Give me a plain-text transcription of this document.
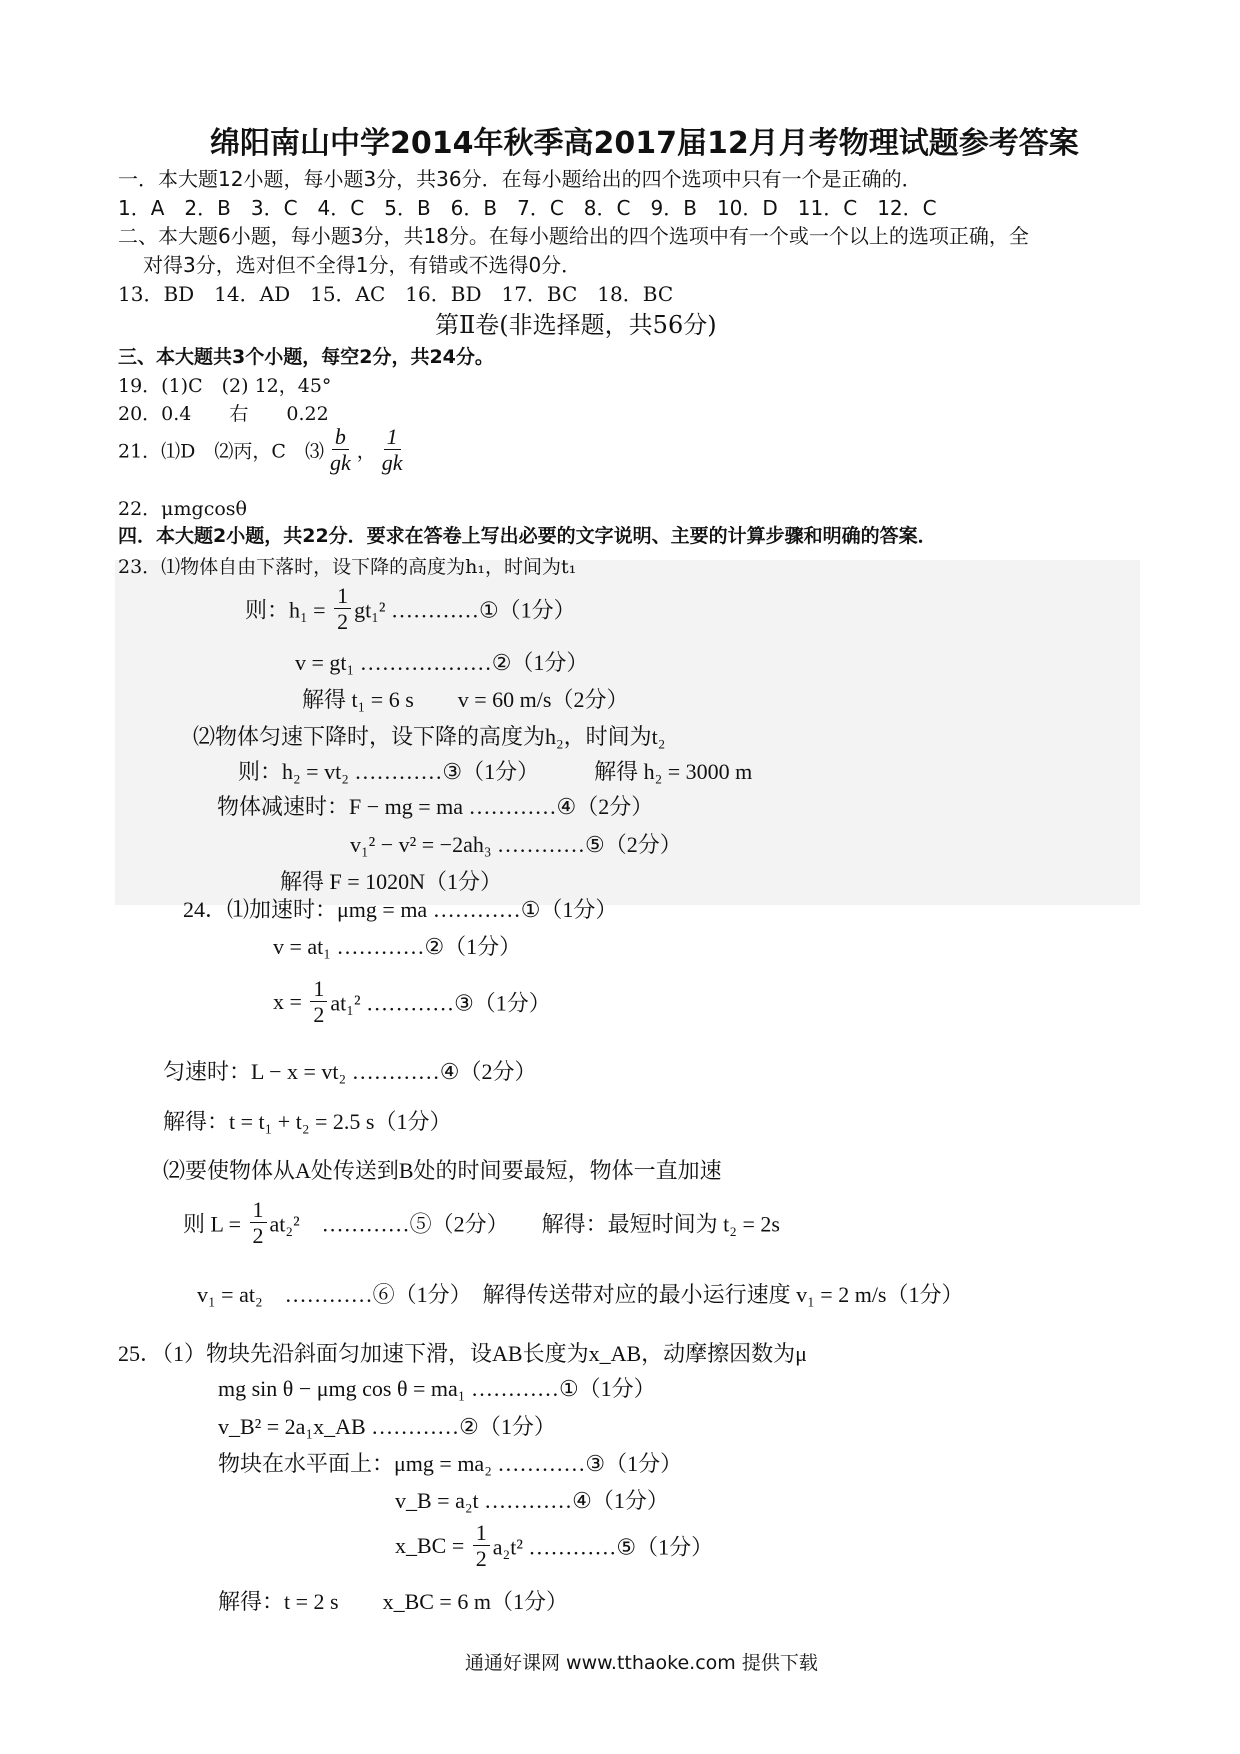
绵阳南山中学2014年秋季高2017届12月月考物理试题参考答案
一．本大题12小题，每小题3分，共36分．在每小题给出的四个选项中只有一个是正确的．
1．A　2．B　3．C　4．C　5．B　6．B　7．C　8．C　9．B　10．D　11．C　12．C
二、本大题6小题，每小题3分，共18分。在每小题给出的四个选项中有一个或一个以上的选项正确，全
对得3分，选对但不全得1分，有错或不选得0分．
13．BD　14．AD　15．AC　16．BD　17．BC　18．BC
第Ⅱ卷(非选择题，共56分)
三、本大题共3个小题，每空2分，共24分。
19．(1)C　(2) 12，45°
20．0.4　　右　　0.22
21．⑴D　⑵丙，C　⑶ $\frac{b}{gk}$ ， $\frac{1}{gk}$
22．μmgcosθ
四．本大题2小题，共22分．要求在答卷上写出必要的文字说明、主要的计算步骤和明确的答案．
23．⑴物体自由下落时，设下降的高度为h₁，时间为t₁
则：$h_1 = \frac{1}{2} gt_1^2$ …………①（1分）
v = gt₁ ………………②（1分）
解得 t₁ = 6 s　　v = 60 m/s（2分）
⑵物体匀速下降时，设下降的高度为h₂，时间为t₂
则：h₂ = vt₂ …………③（1分）　　　解得 h₂ = 3000 m
物体减速时：F − mg = ma …………④（2分）
v₁² − v² = −2ah₃ …………⑤（2分）
解得 F = 1020N（1分）
24．⑴加速时：μmg = ma …………①（1分）
v = at₁ …………②（1分）
$x = \frac{1}{2} at_1^2$ …………③（1分）
匀速时：L − x = vt₂ …………④（2分）
解得：t = t₁ + t₂ = 2.5 s（1分）
⑵要使物体从A处传送到B处的时间要最短，物体一直加速
则 $L = \frac{1}{2} at_2^2$　…………⑤（2分）　　解得：最短时间为 t₂ = 2s
v₁ = at₂　…………⑥（1分）　解得传送带对应的最小运行速度 v₁ = 2 m/s（1分）
25．（1）物块先沿斜面匀加速下滑，设AB长度为x_AB，动摩擦因数为μ
mg sin θ − μmg cos θ = ma₁ …………①（1分）
v_B² = 2a₁x_AB …………②（1分）
物块在水平面上：μmg = ma₂ …………③（1分）
v_B = a₂t …………④（1分）
x_BC = $\frac{1}{2} a_2t^2$ …………⑤（1分）
解得：t = 2 s　　x_BC = 6 m（1分）
通通好课网 www.tthaoke.com 提供下载
